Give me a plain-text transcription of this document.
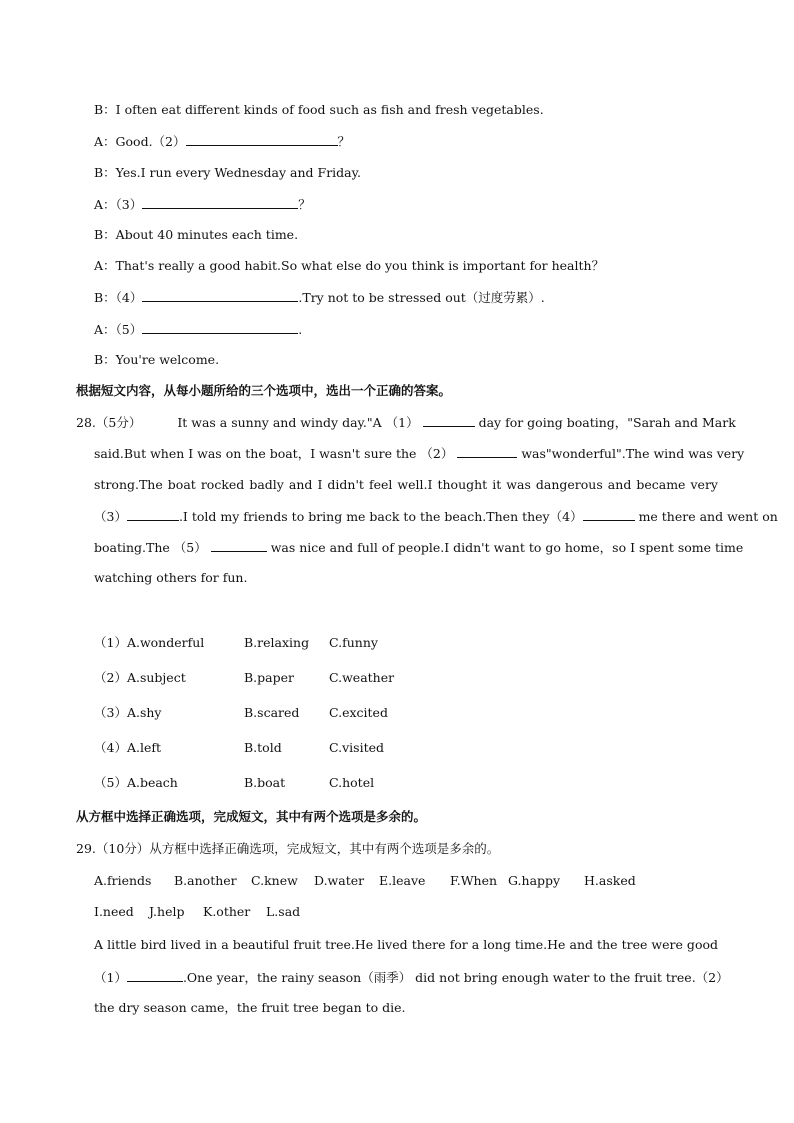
B：I often eat different kinds of food such as fish and fresh vegetables.
A：Good.（2）	？
B：Yes.I run every Wednesday and Friday.
A：（3）	？
B：About 40 minutes each time.
A：That's really a good habit.So what else do you think is important for health？
B：（4）	.Try not to be stressed out（过度劳累）.
A：（5）	.
B：You're welcome.
根据短文内容，从每小题所给的三个选项中，选出一个正确的答案。
28.（5分）	It was a sunny and windy day."A （1）	day for going boating，"Sarah and Mark
said.But when I was on the boat，I wasn't sure the （2）	was"wonderful".The wind was very
strong.The boat rocked badly and I didn't feel well.I thought it was dangerous and became very
（3）	.I told my friends to bring me back to the beach.Then they（4）	me there and went on
boating.The （5）	was nice and full of people.I didn't want to go home，so I spent some time
watching others for fun.
（1）A.wonderful	B.relaxing C.funny
（2）A.subject	B.paper	C.weather
（3）A.shy	B.scared C.excited
（4）A.left	B.told	C.visited
（5）A.beach	B.boat	C.hotel
从方框中选择正确选项，完成短文，其中有两个选项是多余的。
29.（10分）从方框中选择正确选项，完成短文，其中有两个选项是多余的。
A.friends B.another C.knew D.water E.leave F.When G.happy H.asked
I.need J.help K.other L.sad
A little bird lived in a beautiful fruit tree.He lived there for a long time.He and the tree were good
（1）	.One year，the rainy season（雨季） did not bring enough water to the fruit tree.（2）
the dry season came，the fruit tree began to die.
